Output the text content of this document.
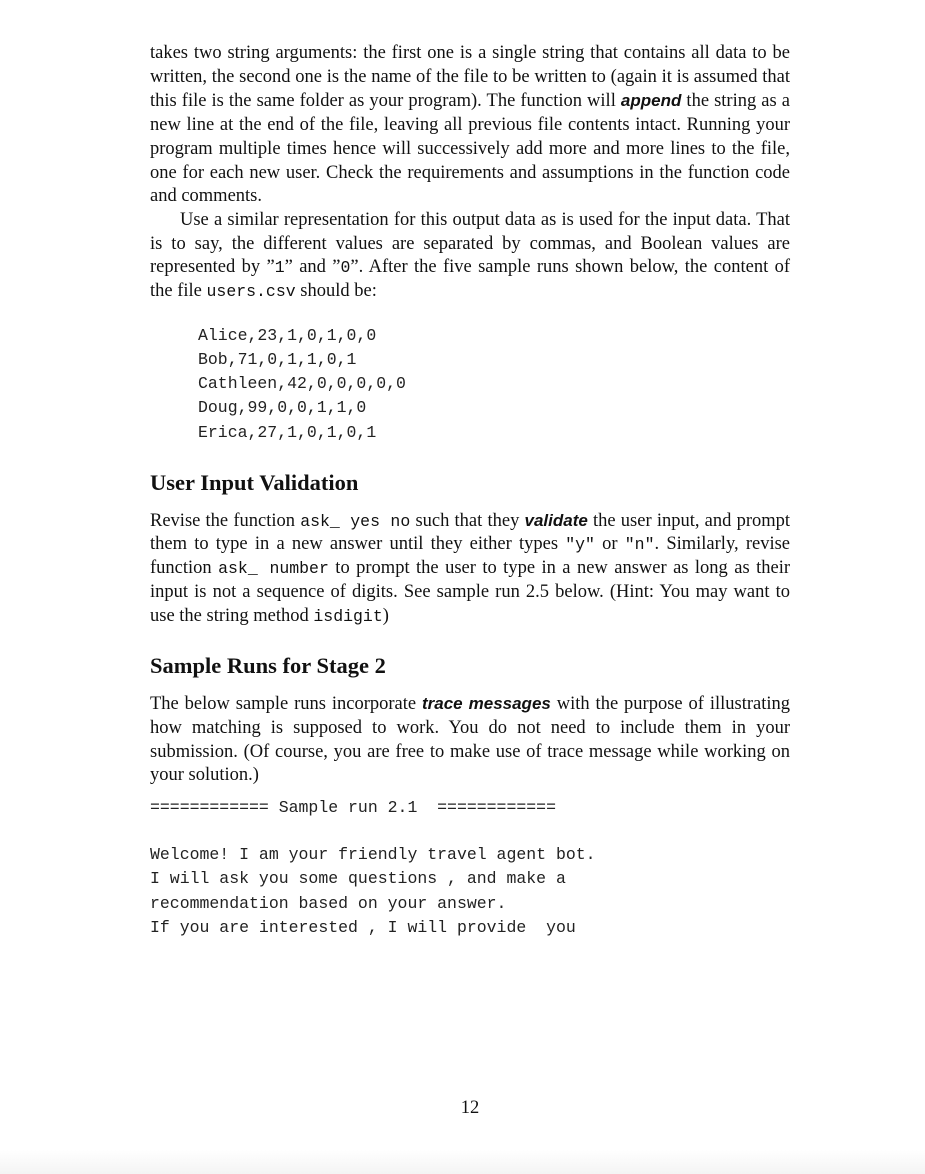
takes two string arguments: the first one is a single string that contains all data to be written, the second one is the name of the file to be written to (again it is assumed that this file is the same folder as your program). The function will append the string as a new line at the end of the file, leaving all previous file contents intact. Running your program multiple times hence will successively add more and more lines to the file, one for each new user. Check the requirements and assumptions in the function code and comments.

Use a similar representation for this output data as is used for the input data. That is to say, the different values are separated by commas, and Boolean values are represented by ”1” and ”0”. After the five sample runs shown below, the content of the file users.csv should be:

Alice,23,1,0,1,0,0
Bob,71,0,1,1,0,1
Cathleen,42,0,0,0,0,0
Doug,99,0,0,1,1,0
Erica,27,1,0,1,0,1
User Input Validation

Revise the function ask_ yes no such that they validate the user input, and prompt them to type in a new answer until they either types "y" or "n". Similarly, revise function ask_ number to prompt the user to type in a new answer as long as their input is not a sequence of digits. See sample run 2.5 below. (Hint: You may want to use the string method isdigit)

Sample Runs for Stage 2

The below sample runs incorporate trace messages with the purpose of illustrating how matching is supposed to work. You do not need to include them in your submission. (Of course, you are free to make use of trace message while working on your solution.)

============ Sample run 2.1  ============
Welcome! I am your friendly travel agent bot.
I will ask you some questions , and make a
recommendation based on your answer.
If you are interested , I will provide  you
12
